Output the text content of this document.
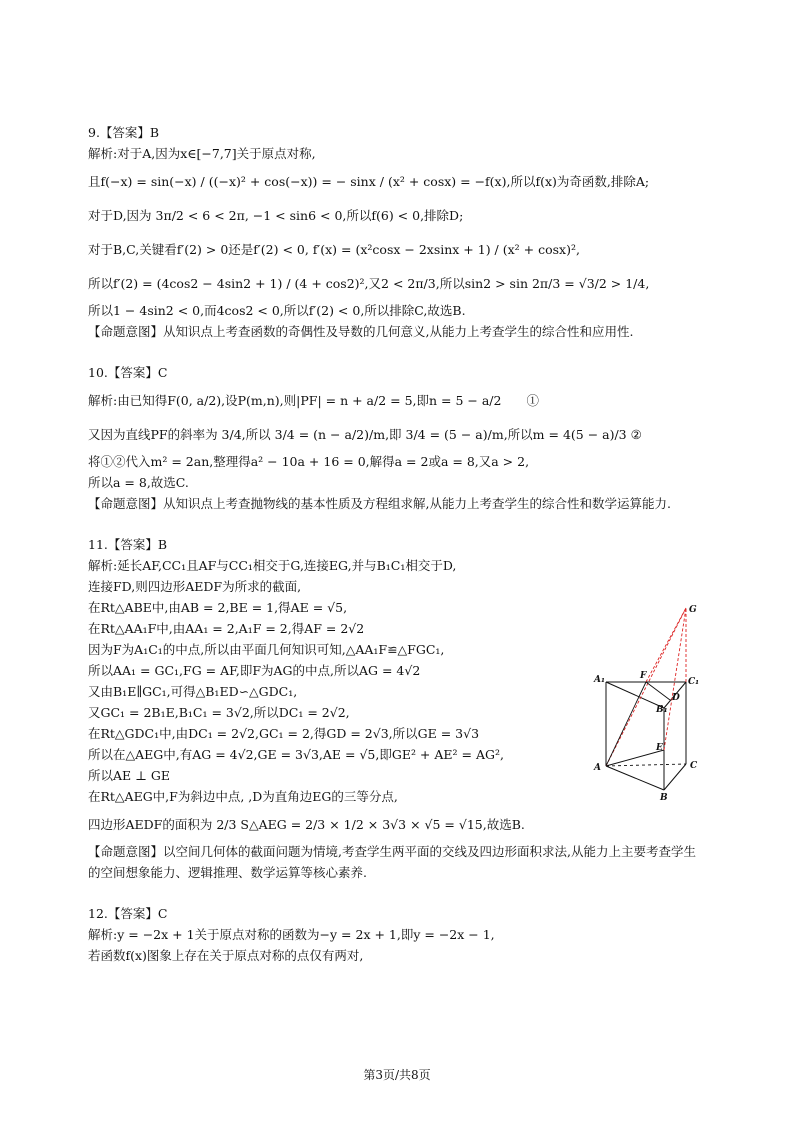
9.【答案】B
解析:对于A,因为x∈[−7,7]关于原点对称,
且f(−x) = sin(−x) / ((−x)² + cos(−x)) = − sinx / (x² + cosx) = −f(x),所以f(x)为奇函数,排除A;
对于D,因为 3π/2 < 6 < 2π, −1 < sin6 < 0,所以f(6) < 0,排除D;
对于B,C,关键看f′(2) > 0还是f′(2) < 0, f′(x) = (x²cosx − 2xsinx + 1) / (x² + cosx)²,
所以f′(2) = (4cos2 − 4sin2 + 1) / (4 + cos2)²,又2 < 2π/3,所以sin2 > sin 2π/3 = √3/2 > 1/4,
所以1 − 4sin2 < 0,而4cos2 < 0,所以f′(2) < 0,所以排除C,故选B.
【命题意图】从知识点上考查函数的奇偶性及导数的几何意义,从能力上考查学生的综合性和应用性.
10.【答案】C
解析:由已知得F(0, a/2),设P(m,n),则|PF| = n + a/2 = 5,即n = 5 − a/2　　①
又因为直线PF的斜率为 3/4,所以 3/4 = (n − a/2)/m,即 3/4 = (5 − a)/m,所以m = 4(5 − a)/3 ②
将①②代入m² = 2an,整理得a² − 10a + 16 = 0,解得a = 2或a = 8,又a > 2,
所以a = 8,故选C.
【命题意图】从知识点上考查抛物线的基本性质及方程组求解,从能力上考查学生的综合性和数学运算能力.
11.【答案】B
解析:延长AF,CC₁且AF与CC₁相交于G,连接EG,并与B₁C₁相交于D,
连接FD,则四边形AEDF为所求的截面,
在Rt△ABE中,由AB = 2,BE = 1,得AE = √5,
在Rt△AA₁F中,由AA₁ = 2,A₁F = 2,得AF = 2√2
因为F为A₁C₁的中点,所以由平面几何知识可知,△AA₁F≌△FGC₁,
所以AA₁ = GC₁,FG = AF,即F为AG的中点,所以AG = 4√2
又由B₁E∥GC₁,可得△B₁ED∽△GDC₁,
又GC₁ = 2B₁E,B₁C₁ = 3√2,所以DC₁ = 2√2,
在Rt△GDC₁中,由DC₁ = 2√2,GC₁ = 2,得GD = 2√3,所以GE = 3√3
所以在△AEG中,有AG = 4√2,GE = 3√3,AE = √5,即GE² + AE² = AG²,
所以AE ⊥ GE
在Rt△AEG中,F为斜边中点, ,D为直角边EG的三等分点,
四边形AEDF的面积为 2/3 S△AEG = 2/3 × 1/2 × 3√3 × √5 = √15,故选B.
【命题意图】以空间几何体的截面问题为情境,考查学生两平面的交线及四边形面积求法,从能力上主要考查学生的空间想象能力、逻辑推理、数学运算等核心素养.
12.【答案】C
解析:y = −2x + 1关于原点对称的函数为−y = 2x + 1,即y = −2x − 1,
若函数f(x)图象上存在关于原点对称的点仅有两对,
G
A₁	F
C₁
D
B₁
E
A	C
B
第3页/共8页
